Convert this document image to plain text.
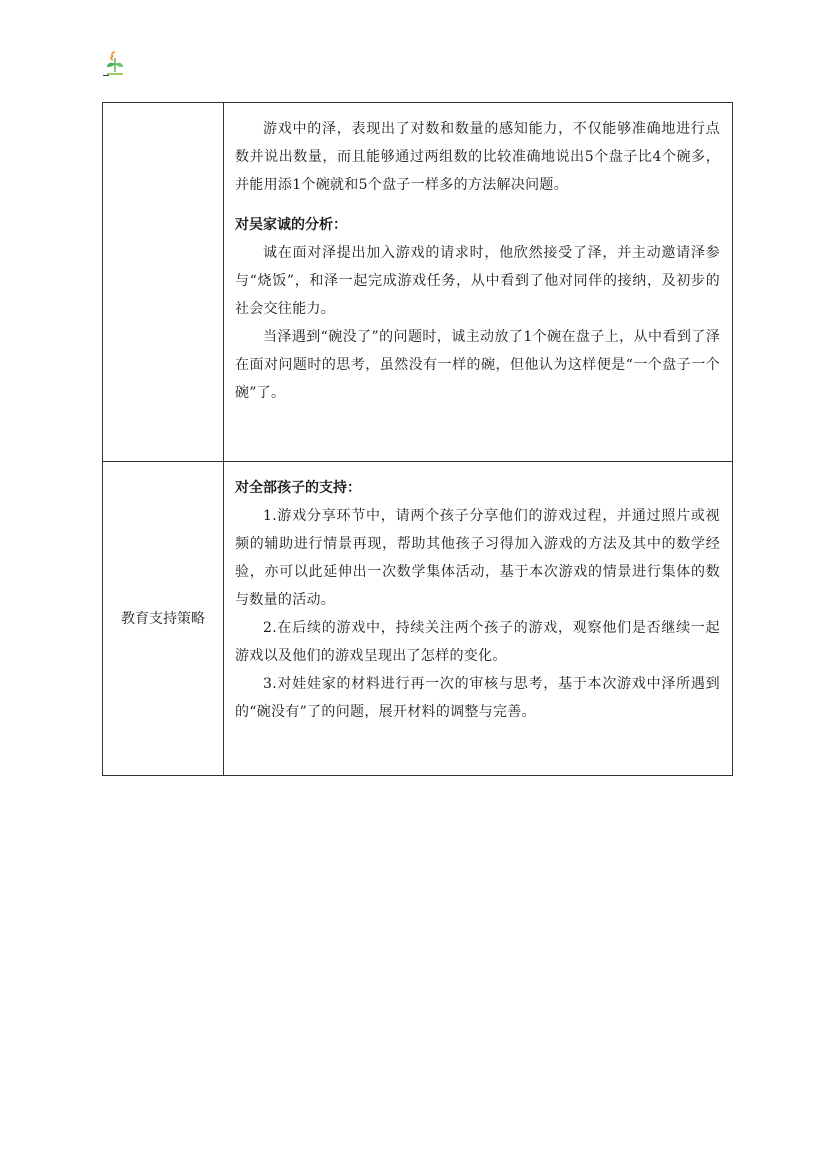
	游戏中的泽，表现出了对数和数量的感知能力，不仅能够准确地进行点数并说出数量，而且能够通过两组数的比较准确地说出5个盘子比4个碗多，并能用添1个碗就和5个盘子一样多的方法解决问题。

对吴家诚的分析：

诚在面对泽提出加入游戏的请求时，他欣然接受了泽，并主动邀请泽参与“烧饭”，和泽一起完成游戏任务，从中看到了他对同伴的接纳，及初步的社会交往能力。

当泽遇到“碗没了”的问题时，诚主动放了1个碗在盘子上，从中看到了泽在面对问题时的思考，虽然没有一样的碗，但他认为这样便是“一个盘子一个碗”了。

教育支持策略	对全部孩子的支持：

1.游戏分享环节中，请两个孩子分享他们的游戏过程，并通过照片或视频的辅助进行情景再现，帮助其他孩子习得加入游戏的方法及其中的数学经验，亦可以此延伸出一次数学集体活动，基于本次游戏的情景进行集体的数与数量的活动。

2.在后续的游戏中，持续关注两个孩子的游戏，观察他们是否继续一起游戏以及他们的游戏呈现出了怎样的变化。

3.对娃娃家的材料进行再一次的审核与思考，基于本次游戏中泽所遇到的“碗没有”了的问题，展开材料的调整与完善。
